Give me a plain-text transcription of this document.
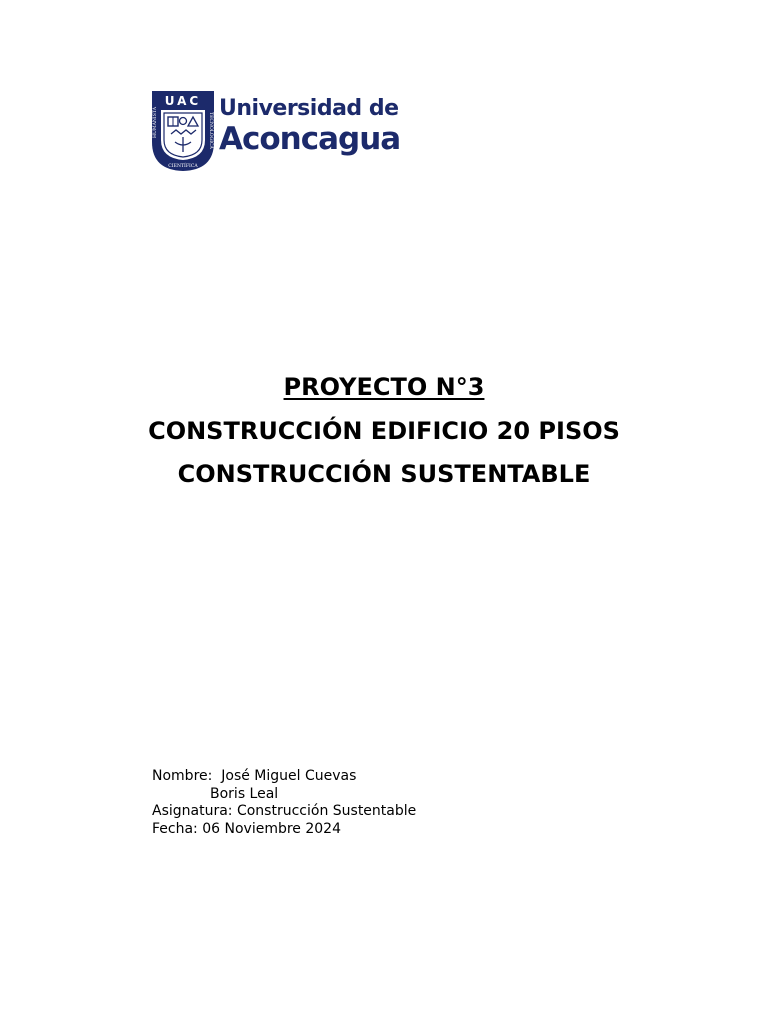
UAC
HUMANISTA
CIENTÍFICA
TECNOLÓGICA
Universidad de
Aconcagua
PROYECTO N°3
CONSTRUCCIÓN EDIFICIO 20 PISOS
CONSTRUCCIÓN SUSTENTABLE
Nombre: José Miguel Cuevas
Boris Leal
Asignatura: Construcción Sustentable
Fecha: 06 Noviembre 2024
